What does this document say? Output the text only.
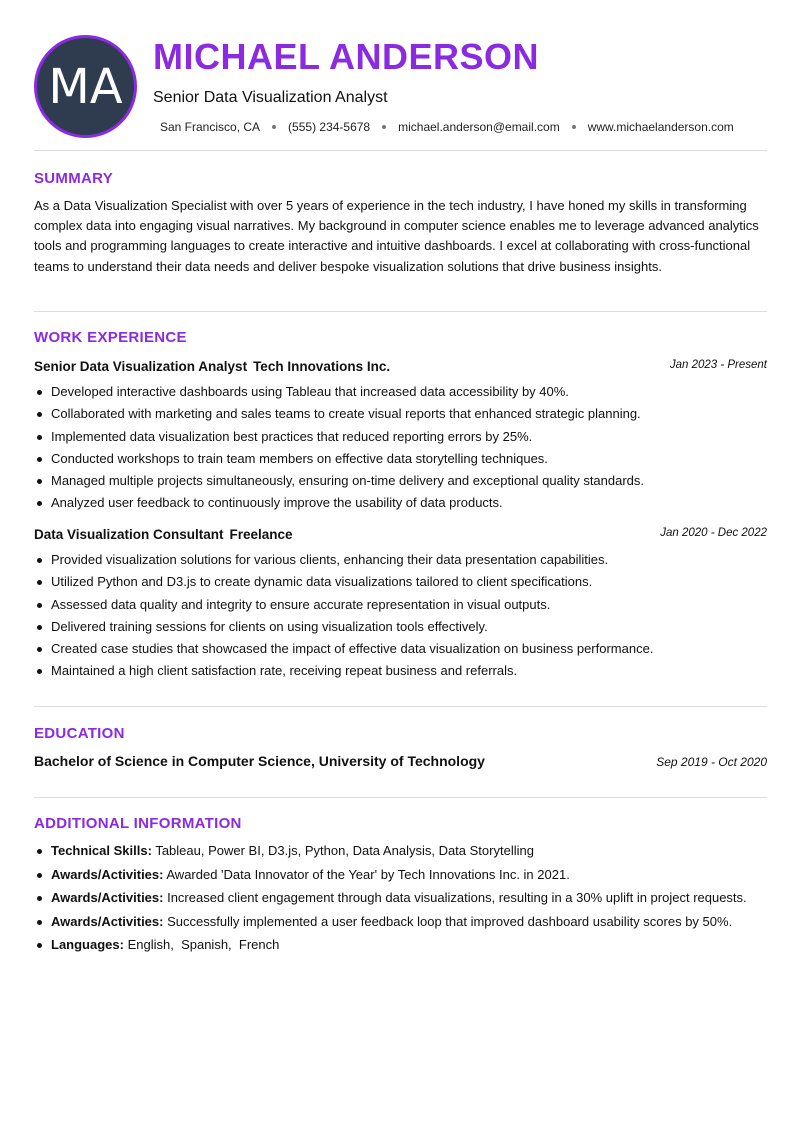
MA
MICHAEL ANDERSON
Senior Data Visualization Analyst
San Francisco, CA (555) 234-5678 michael.anderson@email.com www.michaelanderson.com
SUMMARY

As a Data Visualization Specialist with over 5 years of experience in the tech industry, I have honed my skills in transforming complex data into engaging visual narratives. My background in computer science enables me to leverage advanced analytics tools and programming languages to create interactive and intuitive dashboards. I excel at collaborating with cross-functional teams to understand their data needs and deliver bespoke visualization solutions that drive business insights.

WORK EXPERIENCE
Senior Data Visualization Analyst Tech Innovations Inc.	Jan 2023 - Present
Developed interactive dashboards using Tableau that increased data accessibility by 40%.
Collaborated with marketing and sales teams to create visual reports that enhanced strategic planning.
Implemented data visualization best practices that reduced reporting errors by 25%.
Conducted workshops to train team members on effective data storytelling techniques.
Managed multiple projects simultaneously, ensuring on-time delivery and exceptional quality standards.
Analyzed user feedback to continuously improve the usability of data products.
Data Visualization Consultant Freelance	Jan 2020 - Dec 2022
Provided visualization solutions for various clients, enhancing their data presentation capabilities.
Utilized Python and D3.js to create dynamic data visualizations tailored to client specifications.
Assessed data quality and integrity to ensure accurate representation in visual outputs.
Delivered training sessions for clients on using visualization tools effectively.
Created case studies that showcased the impact of effective data visualization on business performance.
Maintained a high client satisfaction rate, receiving repeat business and referrals.
EDUCATION
Bachelor of Science in Computer Science, University of Technology	Sep 2019 - Oct 2020
ADDITIONAL INFORMATION
Technical Skills: Tableau, Power BI, D3.js, Python, Data Analysis, Data Storytelling
Awards/Activities: Awarded 'Data Innovator of the Year' by Tech Innovations Inc. in 2021.
Awards/Activities: Increased client engagement through data visualizations, resulting in a 30% uplift in project requests.
Awards/Activities: Successfully implemented a user feedback loop that improved dashboard usability scores by 50%.
Languages: English,  Spanish,  French
